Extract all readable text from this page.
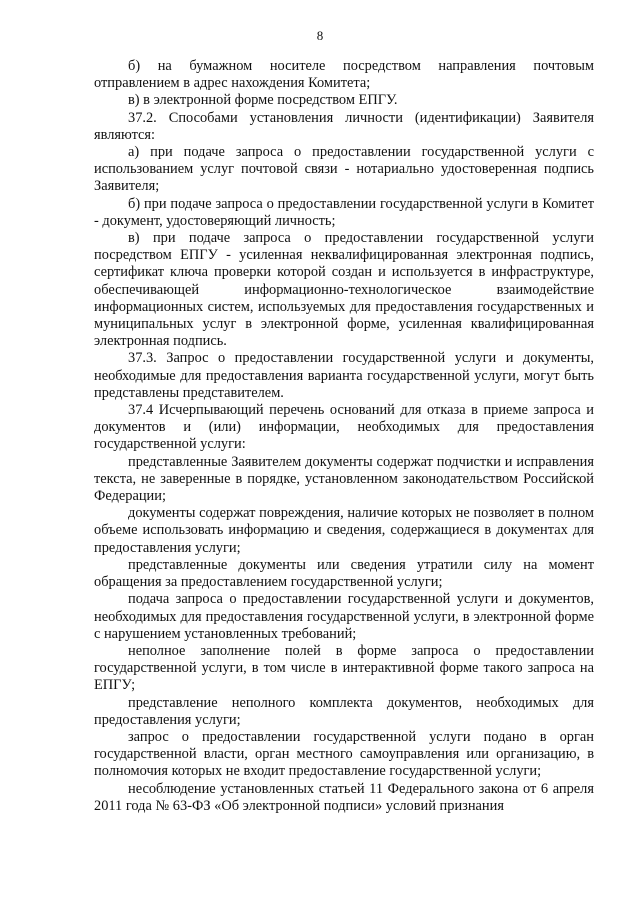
8

б) на бумажном носителе посредством направления почтовым отправлением в адрес нахождения Комитета;

в) в электронной форме посредством ЕПГУ.

37.2. Способами установления личности (идентификации) Заявителя являются:

а) при подаче запроса о предоставлении государственной услуги с использованием услуг почтовой связи - нотариально удостоверенная подпись Заявителя;

б) при подаче запроса о предоставлении государственной услуги в Комитет - документ, удостоверяющий личность;

в) при подаче запроса о предоставлении государственной услуги посредством ЕПГУ - усиленная неквалифицированная электронная подпись, сертификат ключа проверки которой создан и используется в инфраструктуре, обеспечивающей информационно-технологическое взаимодействие информационных систем, используемых для предоставления государственных и муниципальных услуг в электронной форме, усиленная квалифицированная электронная подпись.

37.3. Запрос о предоставлении государственной услуги и документы, необходимые для предоставления варианта государственной услуги, могут быть представлены представителем.

37.4 Исчерпывающий перечень оснований для отказа в приеме запроса и документов и (или) информации, необходимых для предоставления государственной услуги:

представленные Заявителем документы содержат подчистки и исправления текста, не заверенные в порядке, установленном законодательством Российской Федерации;

документы содержат повреждения, наличие которых не позволяет в полном объеме использовать информацию и сведения, содержащиеся в документах для предоставления услуги;

представленные документы или сведения утратили силу на момент обращения за предоставлением государственной услуги;

подача запроса о предоставлении государственной услуги и документов, необходимых для предоставления государственной услуги, в электронной форме с нарушением установленных требований;

неполное заполнение полей в форме запроса о предоставлении государственной услуги, в том числе в интерактивной форме такого запроса на ЕПГУ;

представление неполного комплекта документов, необходимых для предоставления услуги;

запрос о предоставлении государственной услуги подано в орган государственной власти, орган местного самоуправления или организацию, в полномочия которых не входит предоставление государственной услуги;

несоблюдение установленных статьей 11 Федерального закона от 6 апреля 2011 года № 63-ФЗ «Об электронной подписи» условий признания
